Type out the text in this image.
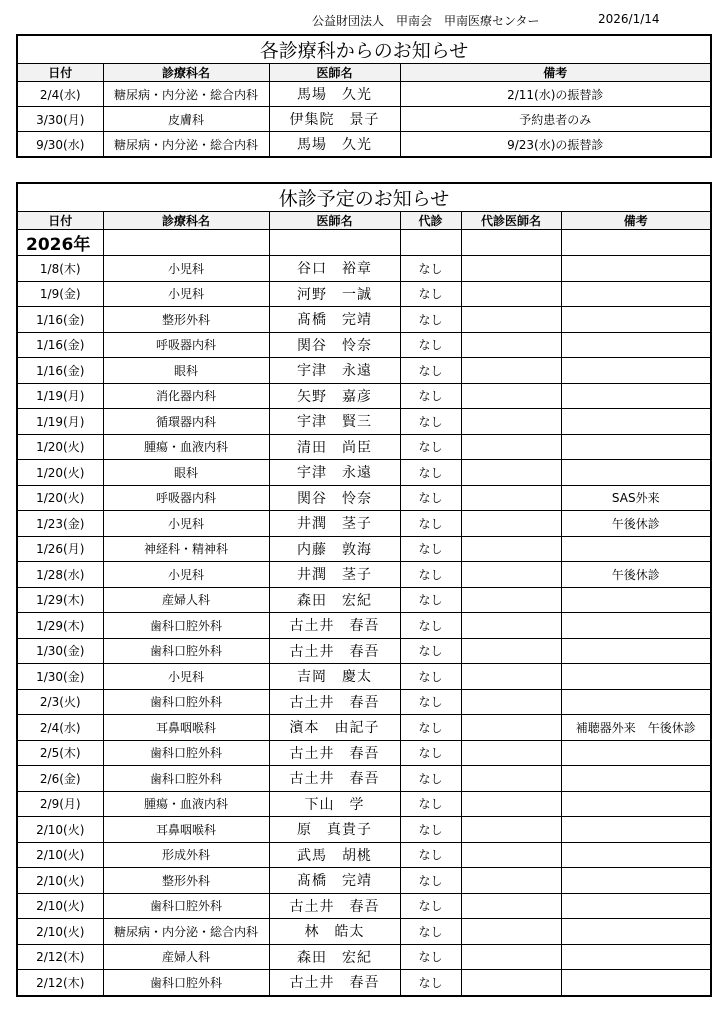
公益財団法人　甲南会　甲南医療センター	2026/1/14
各診療科からのお知らせ			
日付	診療科名	医師名	備考
2/4(水)	糖尿病・内分泌・総合内科	馬場　久光	2/11(水)の振替診
3/30(月)	皮膚科	伊集院　景子	予約患者のみ
9/30(水)	糖尿病・内分泌・総合内科	馬場　久光	9/23(水)の振替診
休診予定のお知らせ					
日付	診療科名	医師名	代診	代診医師名	備考
2026年					
1/8(木)	小児科	谷口　裕章	なし		
1/9(金)	小児科	河野　一誠	なし		
1/16(金)	整形外科	髙橋　完靖	なし		
1/16(金)	呼吸器内科	関谷　怜奈	なし		
1/16(金)	眼科	宇津　永遠	なし		
1/19(月)	消化器内科	矢野　嘉彦	なし		
1/19(月)	循環器内科	宇津　賢三	なし		
1/20(火)	腫瘍・血液内科	清田　尚臣	なし		
1/20(火)	眼科	宇津　永遠	なし		
1/20(火)	呼吸器内科	関谷　怜奈	なし		SAS外来
1/23(金)	小児科	井潤　茎子	なし		午後休診
1/26(月)	神経科・精神科	内藤　敦海	なし		
1/28(水)	小児科	井潤　茎子	なし		午後休診
1/29(木)	産婦人科	森田　宏紀	なし		
1/29(木)	歯科口腔外科	古土井　春吾	なし		
1/30(金)	歯科口腔外科	古土井　春吾	なし		
1/30(金)	小児科	吉岡　慶太	なし		
2/3(火)	歯科口腔外科	古土井　春吾	なし		
2/4(水)	耳鼻咽喉科	濱本　由記子	なし		補聴器外来　午後休診
2/5(木)	歯科口腔外科	古土井　春吾	なし		
2/6(金)	歯科口腔外科	古土井　春吾	なし		
2/9(月)	腫瘍・血液内科	下山　学	なし		
2/10(火)	耳鼻咽喉科	原　真貴子	なし		
2/10(火)	形成外科	武馬　胡桃	なし		
2/10(火)	整形外科	髙橋　完靖	なし		
2/10(火)	歯科口腔外科	古土井　春吾	なし		
2/10(火)	糖尿病・内分泌・総合内科	林　皓太	なし		
2/12(木)	産婦人科	森田　宏紀	なし		
2/12(木)	歯科口腔外科	古土井　春吾	なし		
